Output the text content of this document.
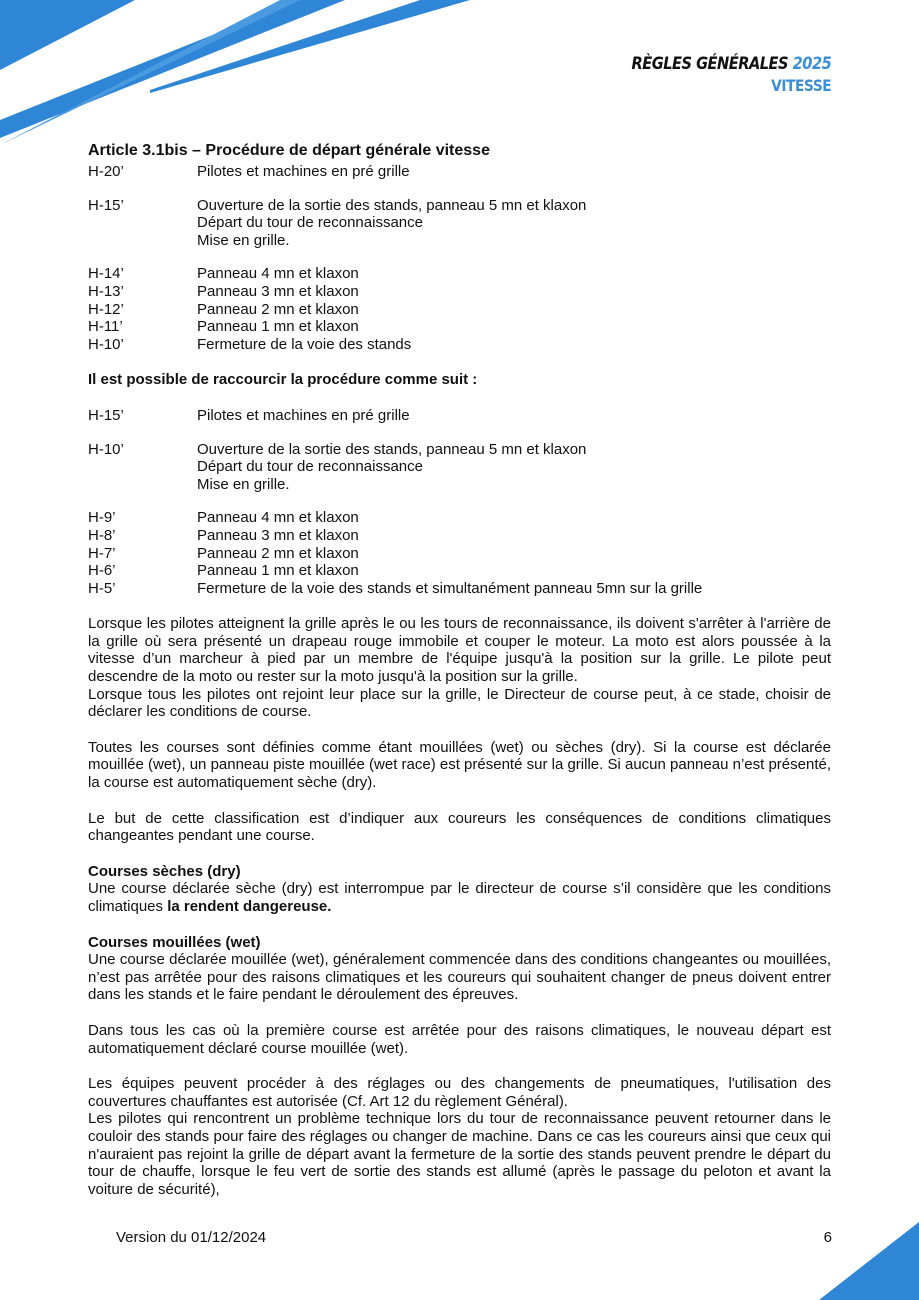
RÈGLES GÉNÉRALES 2025
VITESSE
Article 3.1bis – Procédure de départ générale vitesse
H-20’	Pilotes et machines en pré grille
H-15’	Ouverture de la sortie des stands, panneau 5 mn et klaxon
Départ du tour de reconnaissance
Mise en grille.
H-14’	Panneau 4 mn et klaxon
H-13’	Panneau 3 mn et klaxon
H-12’	Panneau 2 mn et klaxon
H-11’	Panneau 1 mn et klaxon
H-10’	Fermeture de la voie des stands
Il est possible de raccourcir la procédure comme suit :
H-15’	Pilotes et machines en pré grille
H-10’	Ouverture de la sortie des stands, panneau 5 mn et klaxon
Départ du tour de reconnaissance
Mise en grille.
H-9’	Panneau 4 mn et klaxon
H-8’	Panneau 3 mn et klaxon
H-7’	Panneau 2 mn et klaxon
H-6’	Panneau 1 mn et klaxon
H-5’	Fermeture de la voie des stands et simultanément panneau 5mn sur la grille

Lorsque les pilotes atteignent la grille après le ou les tours de reconnaissance, ils doivent s'arrêter à l'arrière de la grille où sera présenté un drapeau rouge immobile et couper le moteur. La moto est alors poussée à la vitesse d’un marcheur à pied par un membre de l'équipe jusqu'à la position sur la grille. Le pilote peut descendre de la moto ou rester sur la moto jusqu'à la position sur la grille.

Lorsque tous les pilotes ont rejoint leur place sur la grille, le Directeur de course peut, à ce stade, choisir de déclarer les conditions de course.

Toutes les courses sont définies comme étant mouillées (wet) ou sèches (dry). Si la course est déclarée mouillée (wet), un panneau piste mouillée (wet race) est présenté sur la grille. Si aucun panneau n’est présenté, la course est automatiquement sèche (dry).

Le but de cette classification est d’indiquer aux coureurs les conséquences de conditions climatiques changeantes pendant une course.

Courses sèches (dry)

Une course déclarée sèche (dry) est interrompue par le directeur de course s’il considère que les conditions climatiques la rendent dangereuse.

Courses mouillées (wet)

Une course déclarée mouillée (wet), généralement commencée dans des conditions changeantes ou mouillées, n’est pas arrêtée pour des raisons climatiques et les coureurs qui souhaitent changer de pneus doivent entrer dans les stands et le faire pendant le déroulement des épreuves.

Dans tous les cas où la première course est arrêtée pour des raisons climatiques, le nouveau départ est automatiquement déclaré course mouillée (wet).

Les équipes peuvent procéder à des réglages ou des changements de pneumatiques, l'utilisation des couvertures chauffantes est autorisée (Cf. Art 12 du règlement Général).

Les pilotes qui rencontrent un problème technique lors du tour de reconnaissance peuvent retourner dans le couloir des stands pour faire des réglages ou changer de machine. Dans ce cas les coureurs ainsi que ceux qui n'auraient pas rejoint la grille de départ avant la fermeture de la sortie des stands peuvent prendre le départ du tour de chauffe, lorsque le feu vert de sortie des stands est allumé (après le passage du peloton et avant la voiture de sécurité),

Version du 01/12/2024	6
